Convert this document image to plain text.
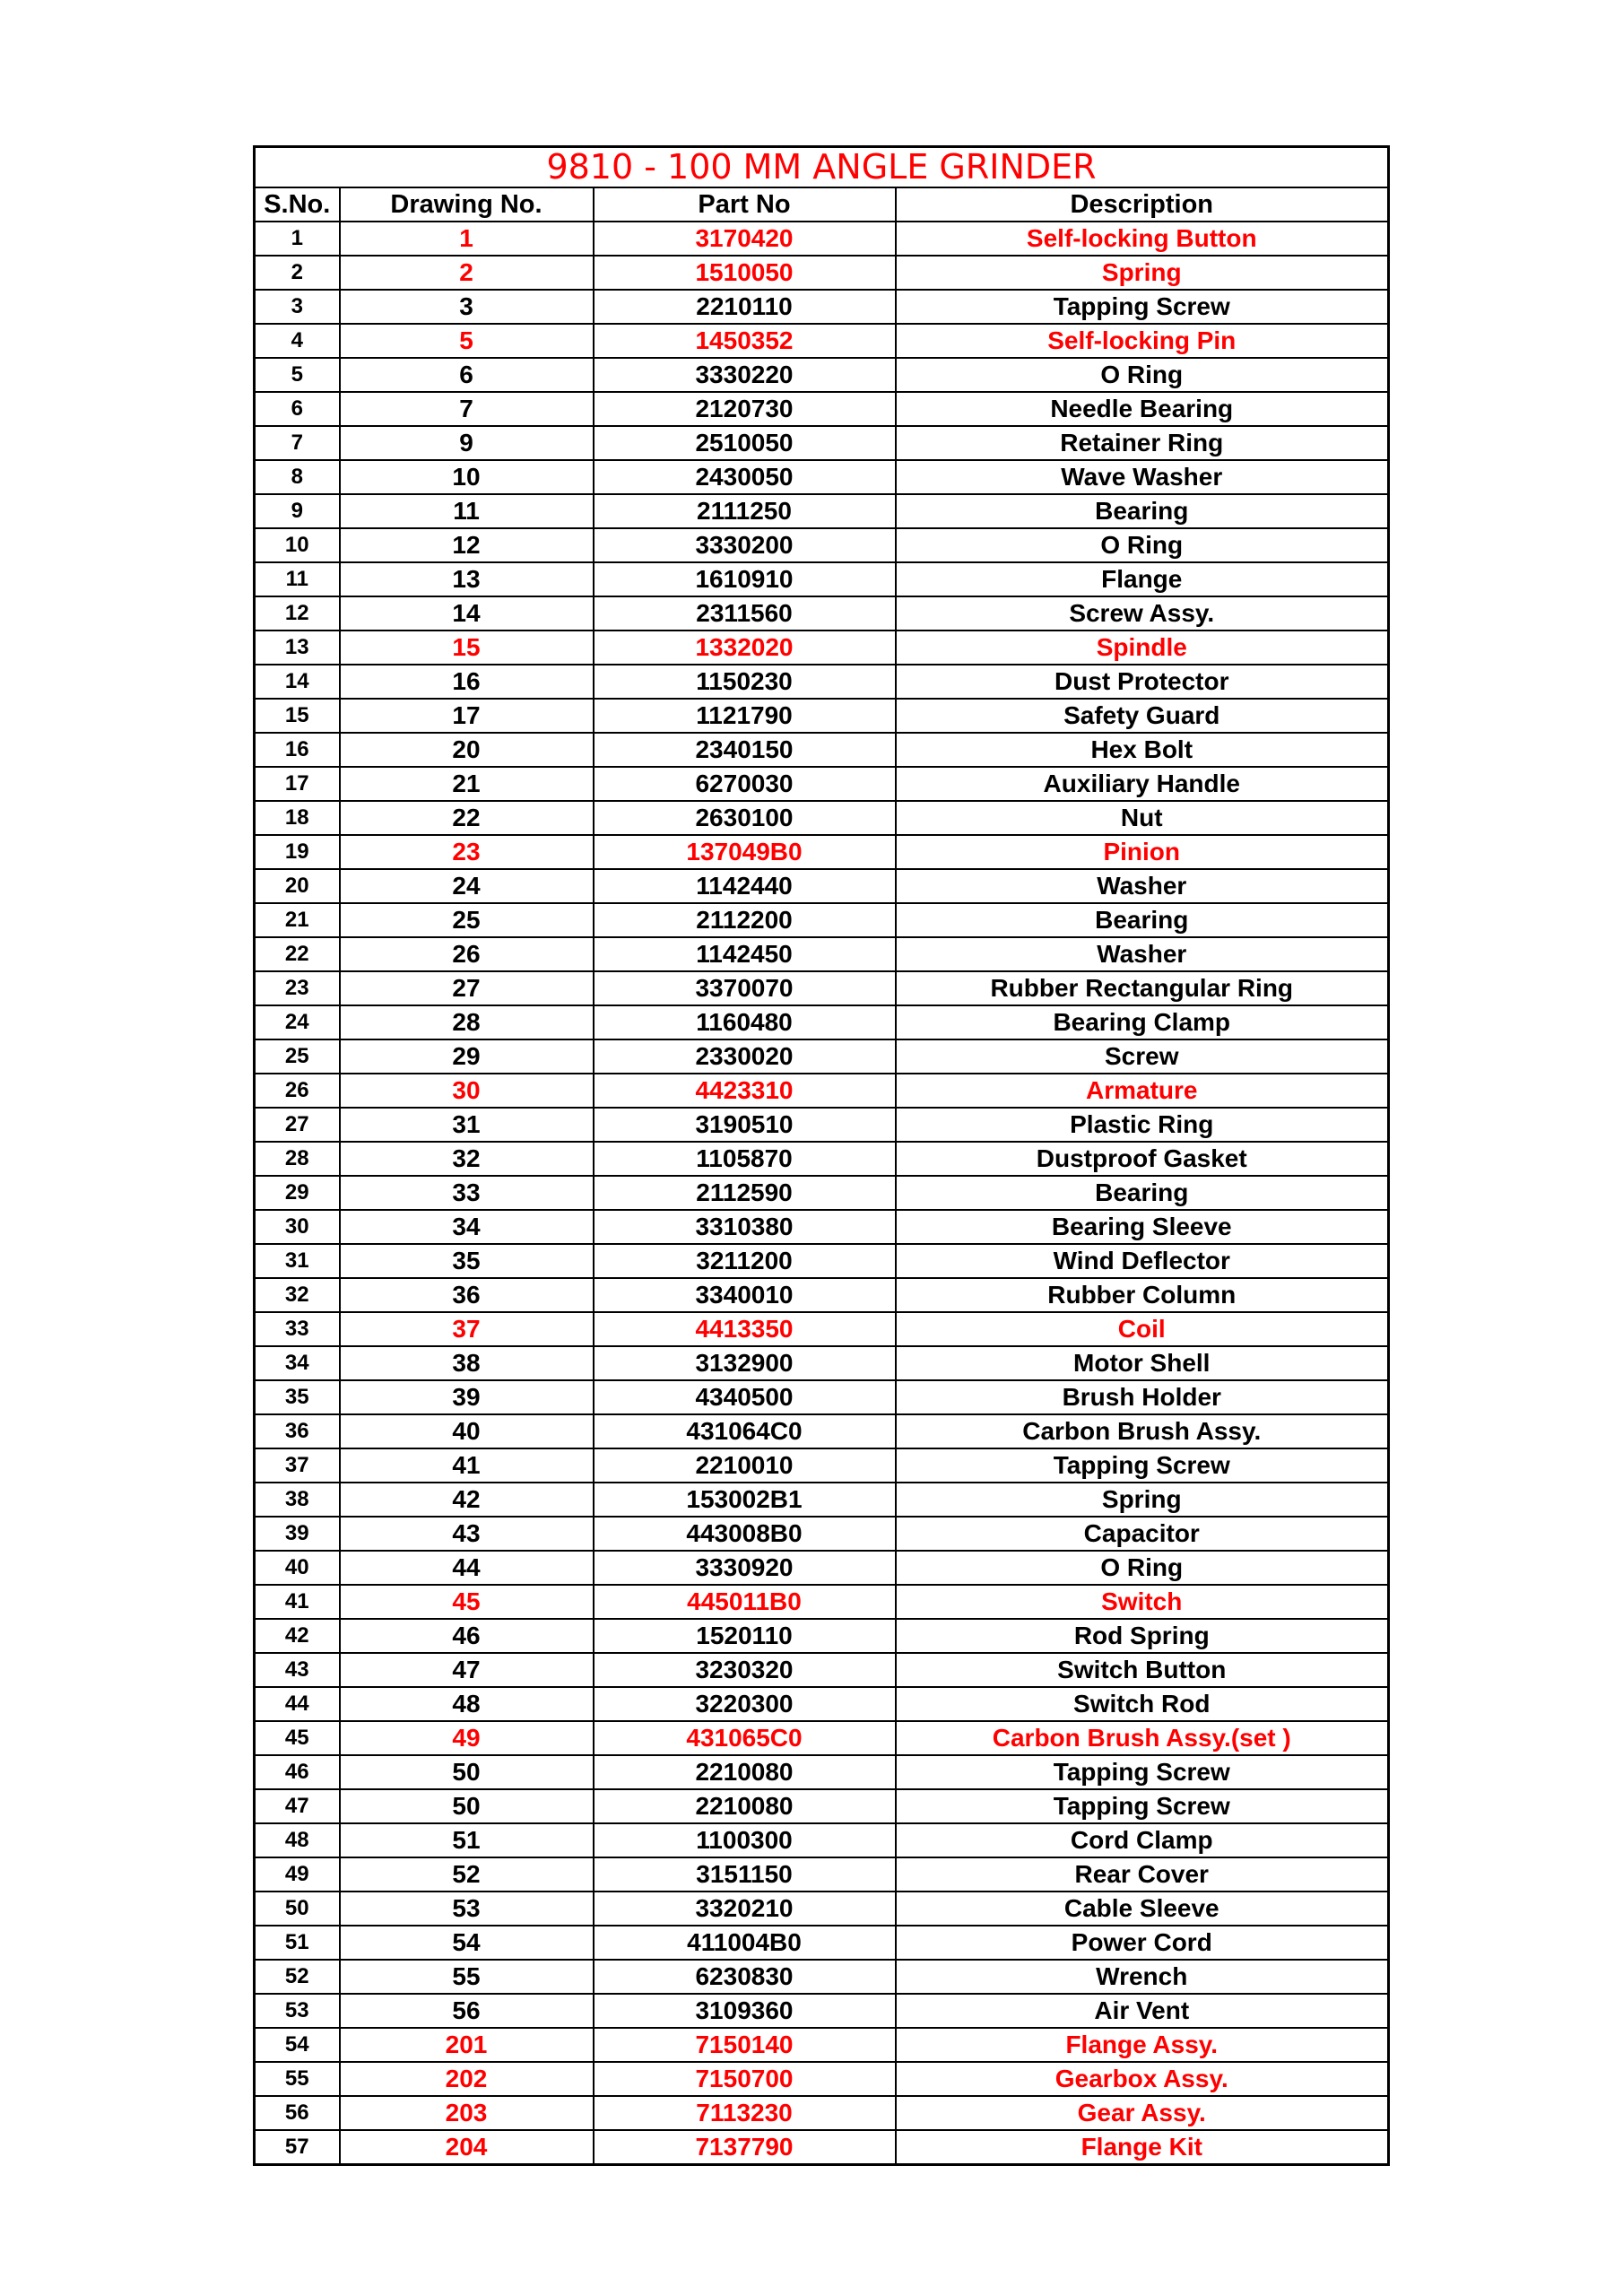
9810 - 100 MM ANGLE GRINDER			
S.No.	Drawing No.	Part No	Description
1	1	3170420	Self-locking Button
2	2	1510050	Spring
3	3	2210110	Tapping Screw
4	5	1450352	Self-locking Pin
5	6	3330220	O Ring
6	7	2120730	Needle Bearing
7	9	2510050	Retainer Ring
8	10	2430050	Wave Washer
9	11	2111250	Bearing
10	12	3330200	O Ring
11	13	1610910	Flange
12	14	2311560	Screw Assy.
13	15	1332020	Spindle
14	16	1150230	Dust Protector
15	17	1121790	Safety Guard
16	20	2340150	Hex Bolt
17	21	6270030	Auxiliary Handle
18	22	2630100	Nut
19	23	137049B0	Pinion
20	24	1142440	Washer
21	25	2112200	Bearing
22	26	1142450	Washer
23	27	3370070	Rubber Rectangular Ring
24	28	1160480	Bearing Clamp
25	29	2330020	Screw
26	30	4423310	Armature
27	31	3190510	Plastic Ring
28	32	1105870	Dustproof Gasket
29	33	2112590	Bearing
30	34	3310380	Bearing Sleeve
31	35	3211200	Wind Deflector
32	36	3340010	Rubber Column
33	37	4413350	Coil
34	38	3132900	Motor Shell
35	39	4340500	Brush Holder
36	40	431064C0	Carbon Brush Assy.
37	41	2210010	Tapping Screw
38	42	153002B1	Spring
39	43	443008B0	Capacitor
40	44	3330920	O Ring
41	45	445011B0	Switch
42	46	1520110	Rod Spring
43	47	3230320	Switch Button
44	48	3220300	Switch Rod
45	49	431065C0	Carbon Brush Assy.(set )
46	50	2210080	Tapping Screw
47	50	2210080	Tapping Screw
48	51	1100300	Cord Clamp
49	52	3151150	Rear Cover
50	53	3320210	Cable Sleeve
51	54	411004B0	Power Cord
52	55	6230830	Wrench
53	56	3109360	Air Vent
54	201	7150140	Flange Assy.
55	202	7150700	Gearbox Assy.
56	203	7113230	Gear Assy.
57	204	7137790	Flange Kit
